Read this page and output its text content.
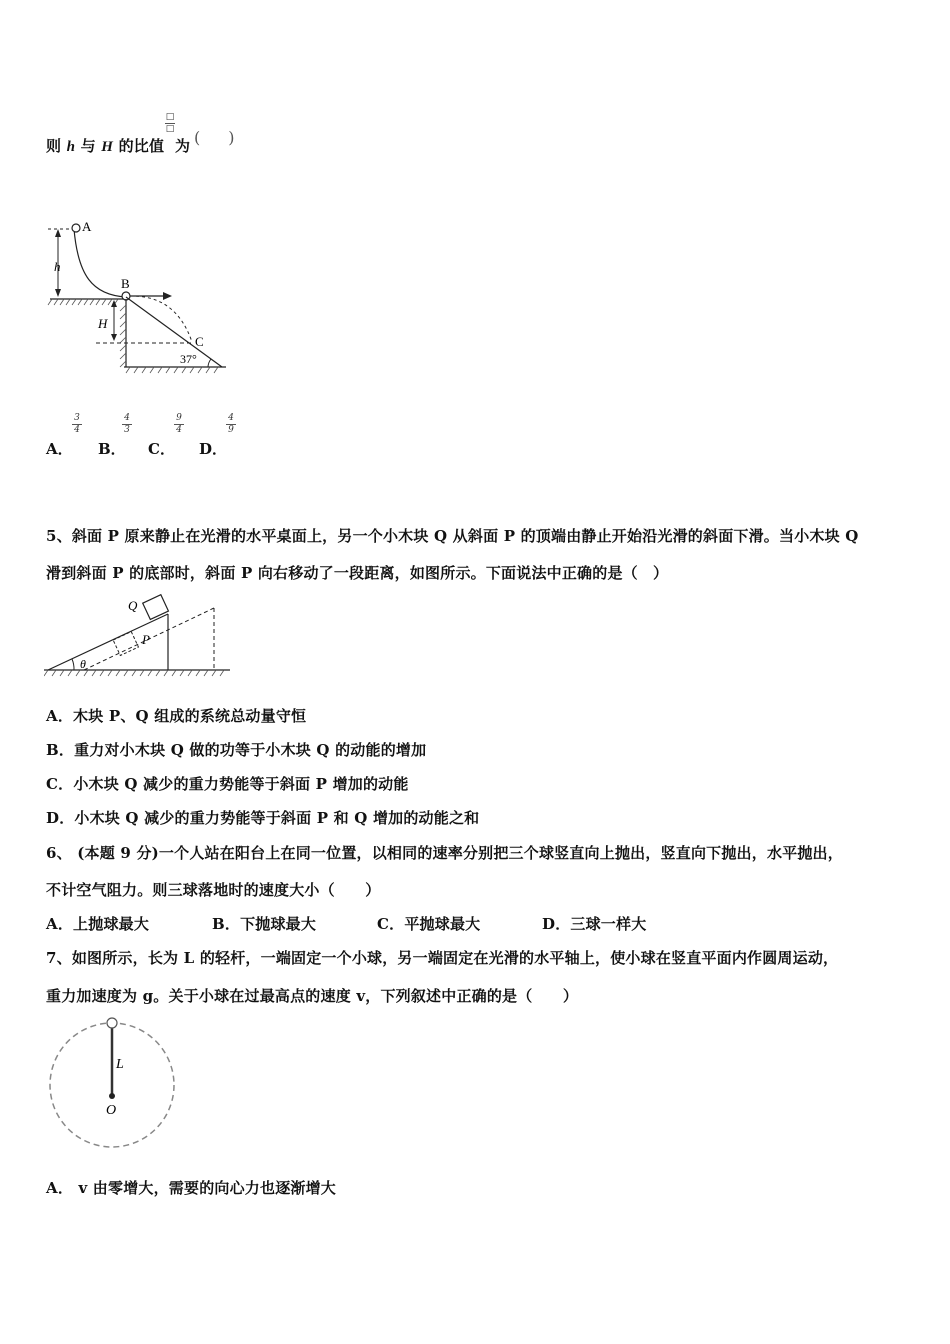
则 h 与 H 的比值
□
□
为 ( )
h
A
B
H
C
37°
A．
3
4
B．
4
3
C．
9
4
D．
4
9
5、斜面 P 原来静止在光滑的水平桌面上，另一个小木块 Q 从斜面 P 的顶端由静止开始沿光滑的斜面下滑。当小木块 Q
滑到斜面 P 的底部时，斜面 P 向右移动了一段距离，如图所示。下面说法中正确的是（　）
Q
P
θ
A．木块 P、Q 组成的系统总动量守恒
B．重力对小木块 Q 做的功等于小木块 Q 的动能的增加
C．小木块 Q 减少的重力势能等于斜面 P 增加的动能
D．小木块 Q 减少的重力势能等于斜面 P 和 Q 增加的动能之和
6、 (本题 9 分)一个人站在阳台上在同一位置，以相同的速率分别把三个球竖直向上抛出，竖直向下抛出，水平抛出，
不计空气阻力。则三球落地时的速度大小（　　）
A．上抛球最大	B．下抛球最大	C．平抛球最大	D．三球一样大
7、如图所示，长为 L 的轻杆，一端固定一个小球，另一端固定在光滑的水平轴上，使小球在竖直平面内作圆周运动，
重力加速度为 g。关于小球在过最高点的速度 v，下列叙述中正确的是（　　）
L
O
A． v 由零增大，需要的向心力也逐渐增大
